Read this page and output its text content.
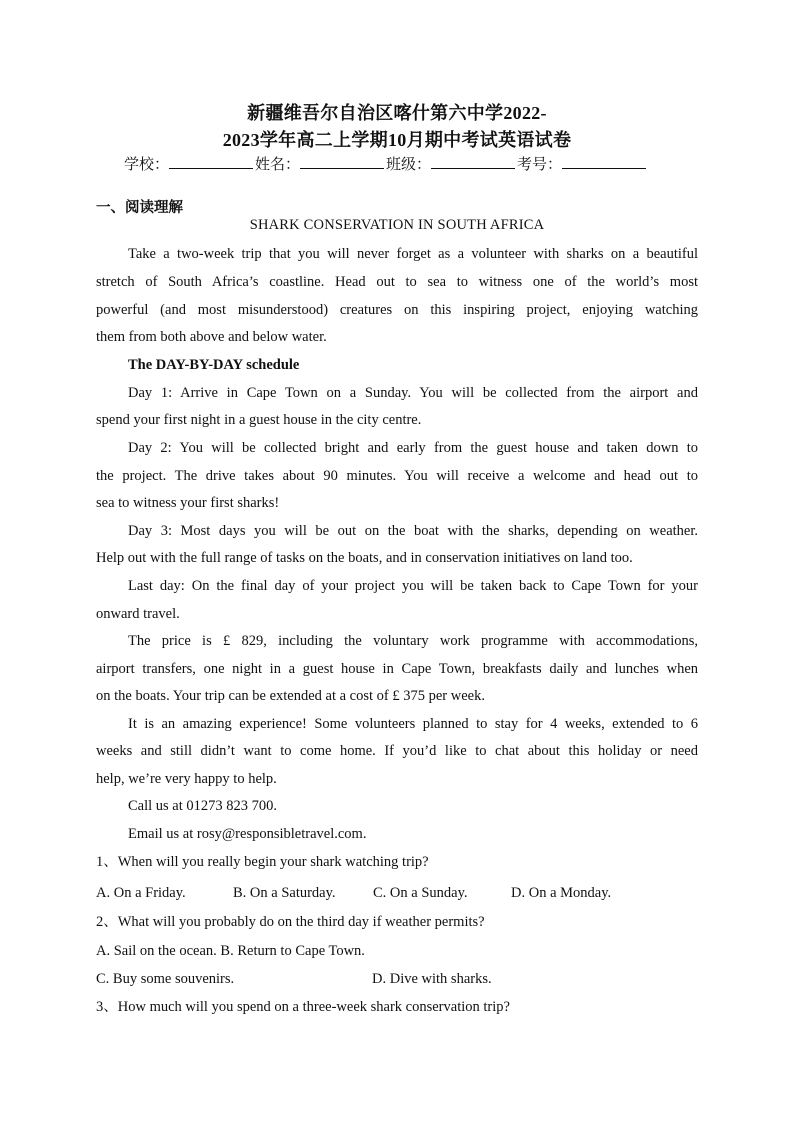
新疆维吾尔自治区喀什第六中学2022-
2023学年高二上学期10月期中考试英语试卷
学校：	姓名：	班级：	考号：
一、阅读理解
SHARK CONSERVATION IN SOUTH AFRICA
Take a two-week trip that you will never forget as a volunteer with sharks on a beautiful
stretch of South Africa’s coastline. Head out to sea to witness one of the world’s most
powerful (and most misunderstood) creatures on this inspiring project, enjoying watching
them from both above and below water.
The DAY-BY-DAY schedule
Day 1: Arrive in Cape Town on a Sunday. You will be collected from the airport and
spend your first night in a guest house in the city centre.
Day 2: You will be collected bright and early from the guest house and taken down to
the project. The drive takes about 90 minutes. You will receive a welcome and head out to
sea to witness your first sharks!
Day 3: Most days you will be out on the boat with the sharks, depending on weather.
Help out with the full range of tasks on the boats, and in conservation initiatives on land too.
Last day: On the final day of your project you will be taken back to Cape Town for your
onward travel.
The price is £ 829, including the voluntary work programme with accommodations,
airport transfers, one night in a guest house in Cape Town, breakfasts daily and lunches when
on the boats. Your trip can be extended at a cost of £ 375 per week.
It is an amazing experience! Some volunteers planned to stay for 4 weeks, extended to 6
weeks and still didn’t want to come home. If you’d like to chat about this holiday or need
help, we’re very happy to help.
Call us at 01273 823 700.
Email us at rosy@responsibletravel.com.
1、When will you really begin your shark watching trip?
A. On a Friday.	B. On a Saturday.	C. On a Sunday.	D. On a Monday.
2、What will you probably do on the third day if weather permits?
A. Sail on the ocean. B. Return to Cape Town.
C. Buy some souvenirs.	D. Dive with sharks.
3、How much will you spend on a three-week shark conservation trip?
